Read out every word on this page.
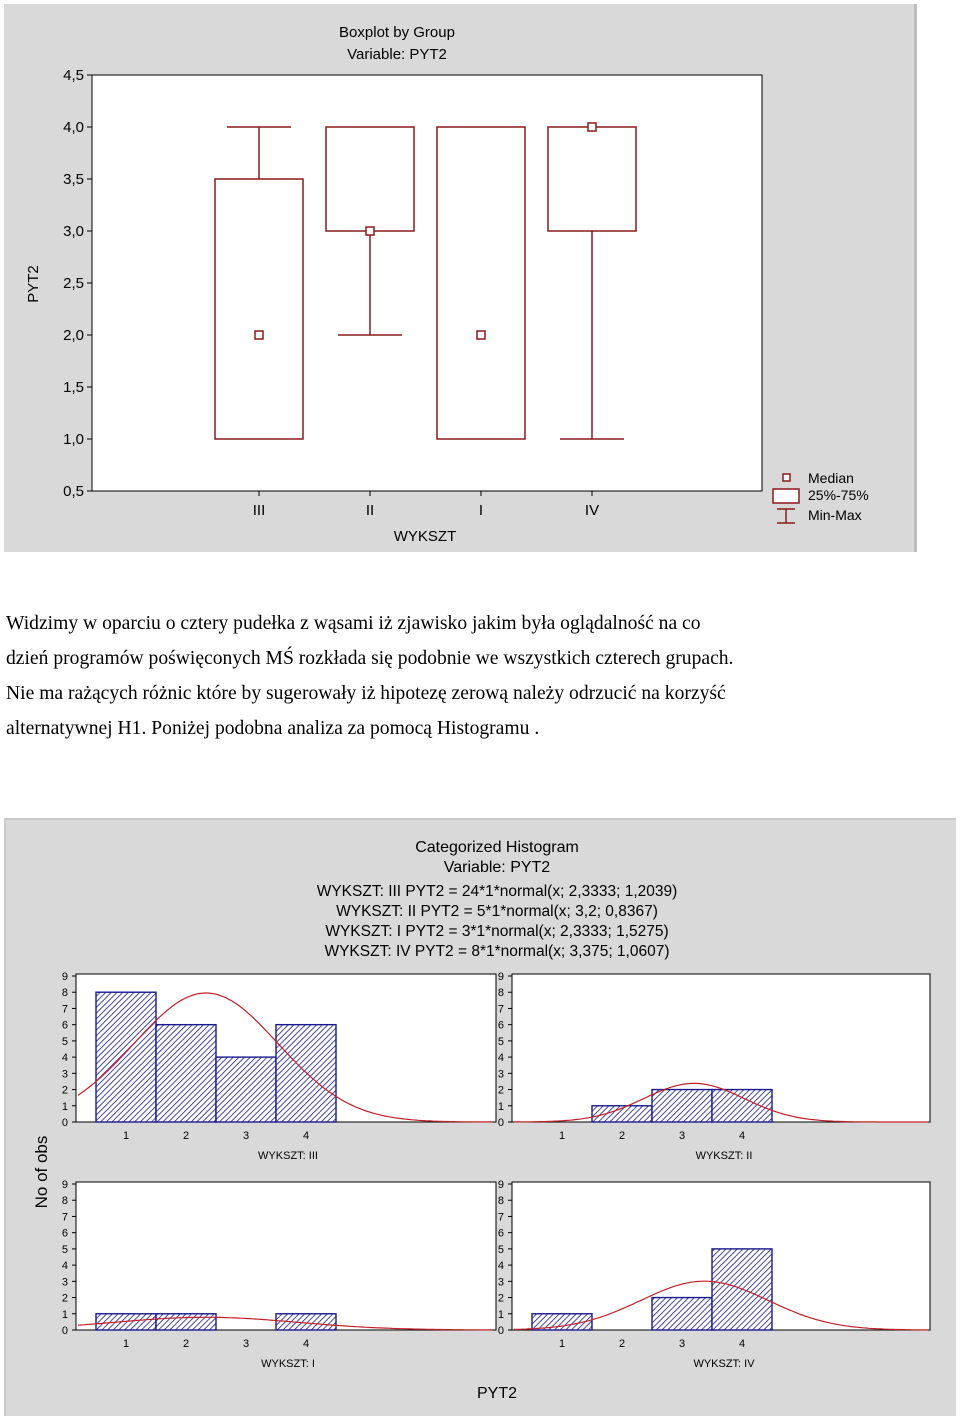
Boxplot by Group
Variable: PYT2
PYT2
WYKSZT
0,5
1,0
1,5
2,0
2,5
3,0
3,5
4,0
4,5
III	II	I	IV
Median
25%-75%
Min-Max

Widzimy w oparciu o cztery pudełka z wąsami iż zjawisko jakim była oglądalność na co

dzień programów poświęconych MŚ rozkłada się podobnie we wszystkich czterech grupach.

Nie ma rażących różnic które by sugerowały iż hipotezę zerową należy odrzucić na korzyść

alternatywnej H1. Poniżej podobna analiza za pomocą Histogramu .

Categorized Histogram
Variable: PYT2
WYKSZT: III PYT2 = 24*1*normal(x; 2,3333; 1,2039)
WYKSZT: II PYT2 = 5*1*normal(x; 3,2; 0,8367)
WYKSZT: I PYT2 = 3*1*normal(x; 2,3333; 1,5275)
WYKSZT: IV PYT2 = 8*1*normal(x; 3,375; 1,0607)
No of obs
PYT2
0
1
2
3
4
5
6
7
8
9
1	2	3	4
WYKSZT: III
0
1
2
3
4
5
6
7
8
9
1	2	3	4
WYKSZT: II
0
1
2
3
4
5
6
7
8
9
1	2	3	4
WYKSZT: I
0
1
2
3
4
5
6
7
8
9
1	2	3	4
WYKSZT: IV
